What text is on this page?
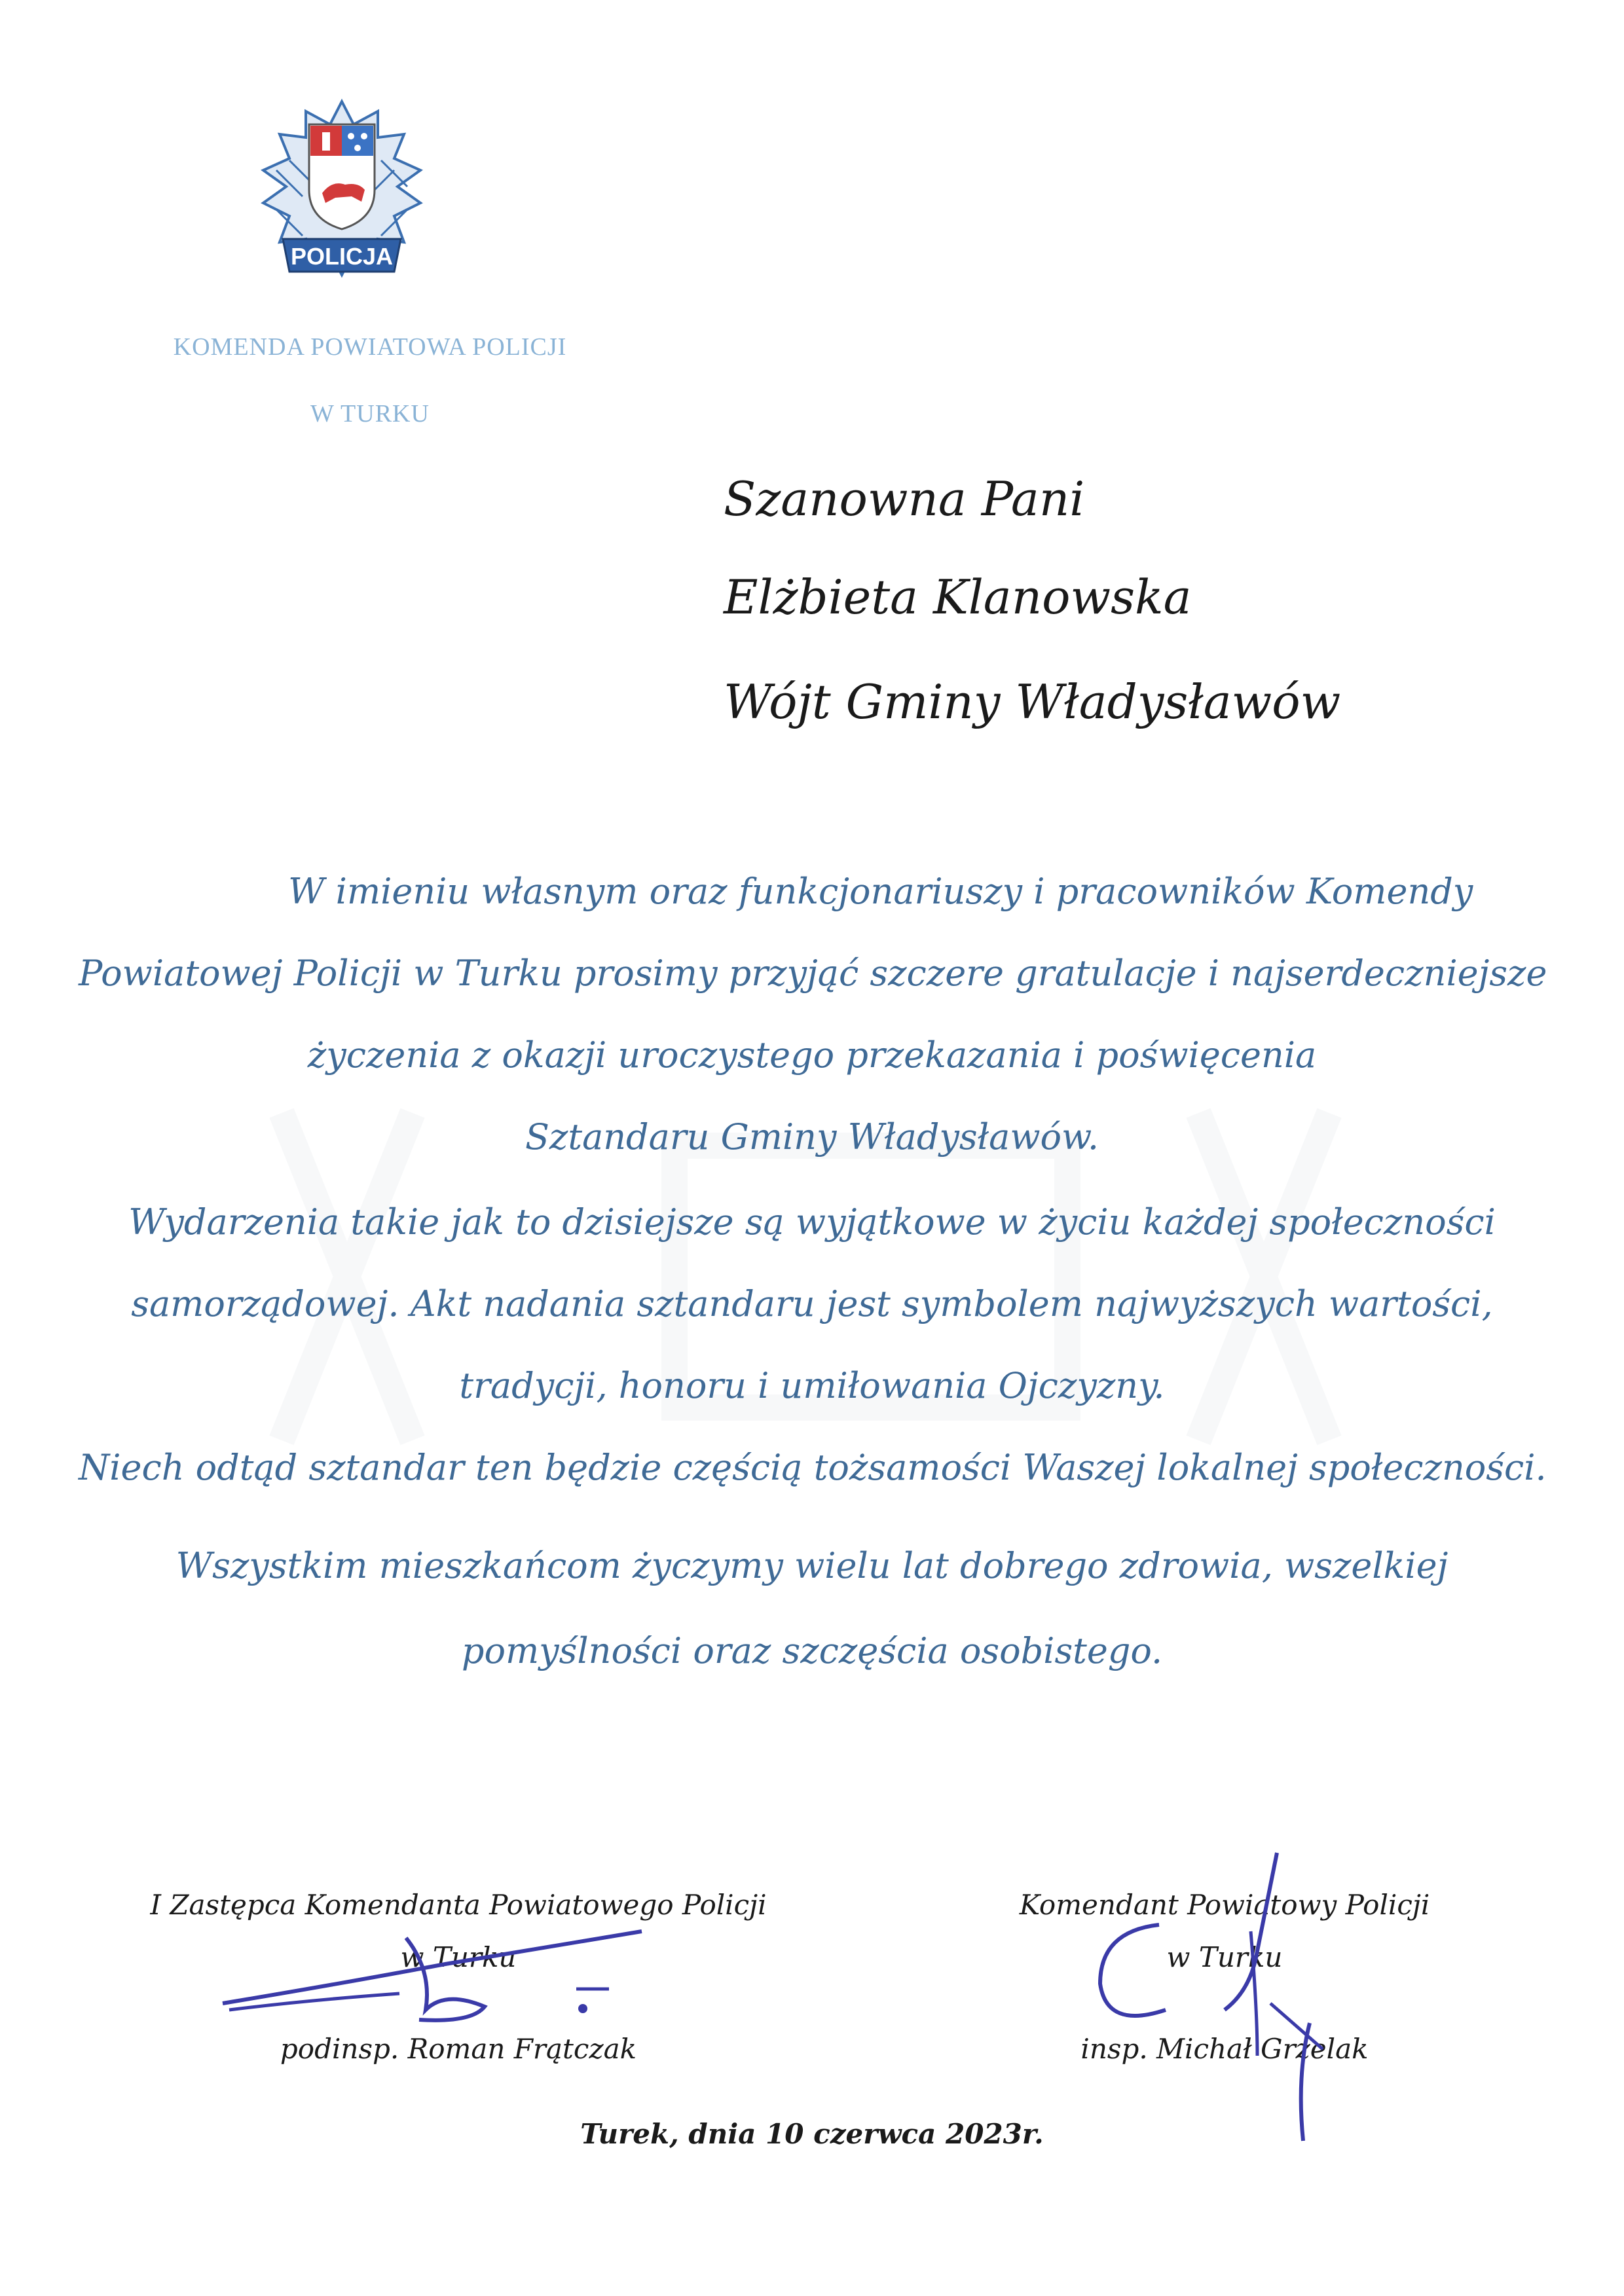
POLICJA
KOMENDA POWIATOWA POLICJI
W TURKU
Szanowna Pani
Elżbieta Klanowska
Wójt Gminy Władysławów
W imieniu własnym oraz funkcjonariuszy i pracowników Komendy
Powiatowej Policji w Turku prosimy przyjąć szczere gratulacje i najserdeczniejsze
życzenia z okazji uroczystego przekazania i poświęcenia
Sztandaru Gminy Władysławów.
Wydarzenia takie jak to dzisiejsze są wyjątkowe w życiu każdej społeczności
samorządowej. Akt nadania sztandaru jest symbolem najwyższych wartości,
tradycji, honoru i umiłowania Ojczyzny.
Niech odtąd sztandar ten będzie częścią tożsamości Waszej lokalnej społeczności.
Wszystkim mieszkańcom życzymy wielu lat dobrego zdrowia, wszelkiej
pomyślności oraz szczęścia osobistego.
I Zastępca Komendanta Powiatowego Policji
w Turku
podinsp. Roman Frątczak
Komendant Powiatowy Policji
w Turku
insp. Michał Grzelak
Turek, dnia 10 czerwca 2023r.
